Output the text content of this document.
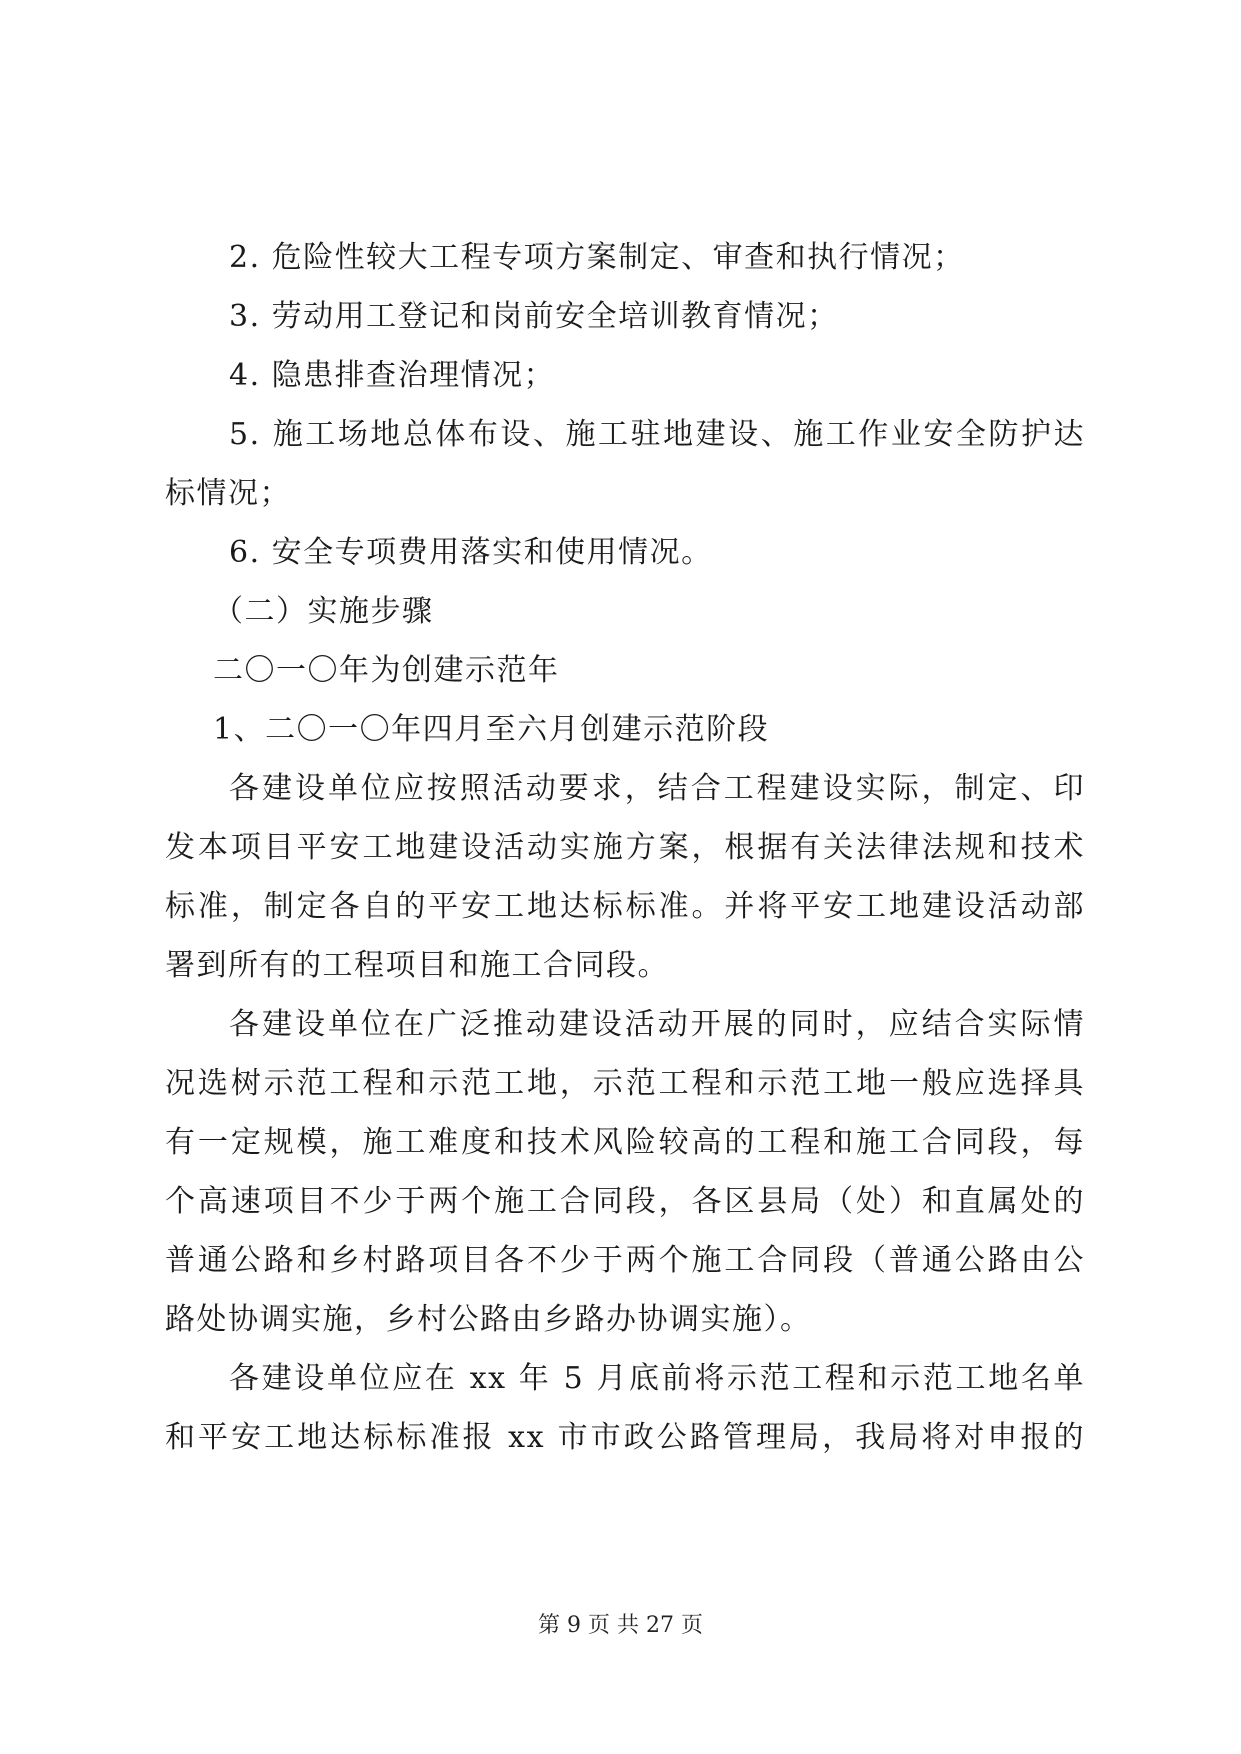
2. 危险性较大工程专项方案制定、审查和执行情况；
3. 劳动用工登记和岗前安全培训教育情况；
4. 隐患排查治理情况；
5. 施工场地总体布设、施工驻地建设、施工作业安全防护达
标情况；
6. 安全专项费用落实和使用情况。
（二）实施步骤
二〇一〇年为创建示范年
1、二〇一〇年四月至六月创建示范阶段
各建设单位应按照活动要求，结合工程建设实际，制定、印
发本项目平安工地建设活动实施方案，根据有关法律法规和技术
标准，制定各自的平安工地达标标准。并将平安工地建设活动部
署到所有的工程项目和施工合同段。
各建设单位在广泛推动建设活动开展的同时，应结合实际情
况选树示范工程和示范工地，示范工程和示范工地一般应选择具
有一定规模，施工难度和技术风险较高的工程和施工合同段，每
个高速项目不少于两个施工合同段，各区县局（处）和直属处的
普通公路和乡村路项目各不少于两个施工合同段（普通公路由公
路处协调实施，乡村公路由乡路办协调实施）。
各建设单位应在 xx 年 5 月底前将示范工程和示范工地名单
和平安工地达标标准报 xx 市市政公路管理局，我局将对申报的
第 9 页 共 27 页
